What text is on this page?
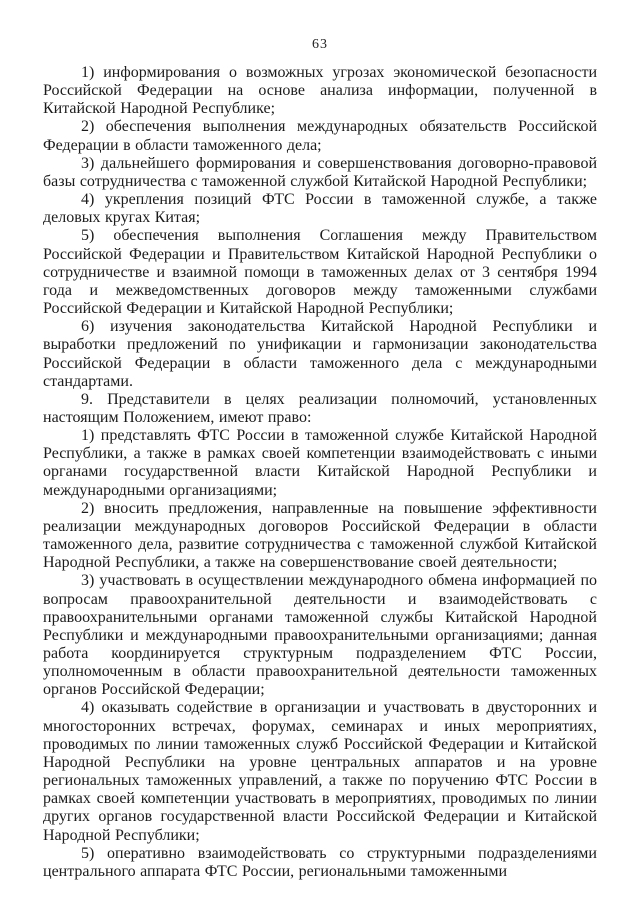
63

1) информирования о возможных угрозах экономической безопасности Российской Федерации на основе анализа информации, полученной в Китайской Народной Республике;

2) обеспечения выполнения международных обязательств Российской Федерации в области таможенного дела;

3) дальнейшего формирования и совершенствования договорно-правовой базы сотрудничества с таможенной службой Китайской Народной Республики;

4) укрепления позиций ФТС России в таможенной службе, а также деловых кругах Китая;

5) обеспечения выполнения Соглашения между Правительством Российской Федерации и Правительством Китайской Народной Республики о сотрудничестве и взаимной помощи в таможенных делах от 3 сентября 1994 года и межведомственных договоров между таможенными службами Российской Федерации и Китайской Народной Республики;

6) изучения законодательства Китайской Народной Республики и выработки предложений по унификации и гармонизации законодательства Российской Федерации в области таможенного дела с международными стандартами.

9. Представители в целях реализации полномочий, установленных настоящим Положением, имеют право:

1) представлять ФТС России в таможенной службе Китайской Народной Республики, а также в рамках своей компетенции взаимодействовать с иными органами государственной власти Китайской Народной Республики и международными организациями;

2) вносить предложения, направленные на повышение эффективности реализации международных договоров Российской Федерации в области таможенного дела, развитие сотрудничества с таможенной службой Китайской Народной Республики, а также на совершенствование своей деятельности;

3) участвовать в осуществлении международного обмена информацией по вопросам правоохранительной деятельности и взаимодействовать с правоохранительными органами таможенной службы Китайской Народной Республики и международными правоохранительными организациями; данная работа координируется структурным подразделением ФТС России, уполномоченным в области правоохранительной деятельности таможенных органов Российской Федерации;

4) оказывать содействие в организации и участвовать в двусторонних и многосторонних встречах, форумах, семинарах и иных мероприятиях, проводимых по линии таможенных служб Российской Федерации и Китайской Народной Республики на уровне центральных аппаратов и на уровне региональных таможенных управлений, а также по поручению ФТС России в рамках своей компетенции участвовать в мероприятиях, проводимых по линии других органов государственной власти Российской Федерации и Китайской Народной Республики;

5) оперативно взаимодействовать со структурными подразделениями центрального аппарата ФТС России, региональными таможенными
